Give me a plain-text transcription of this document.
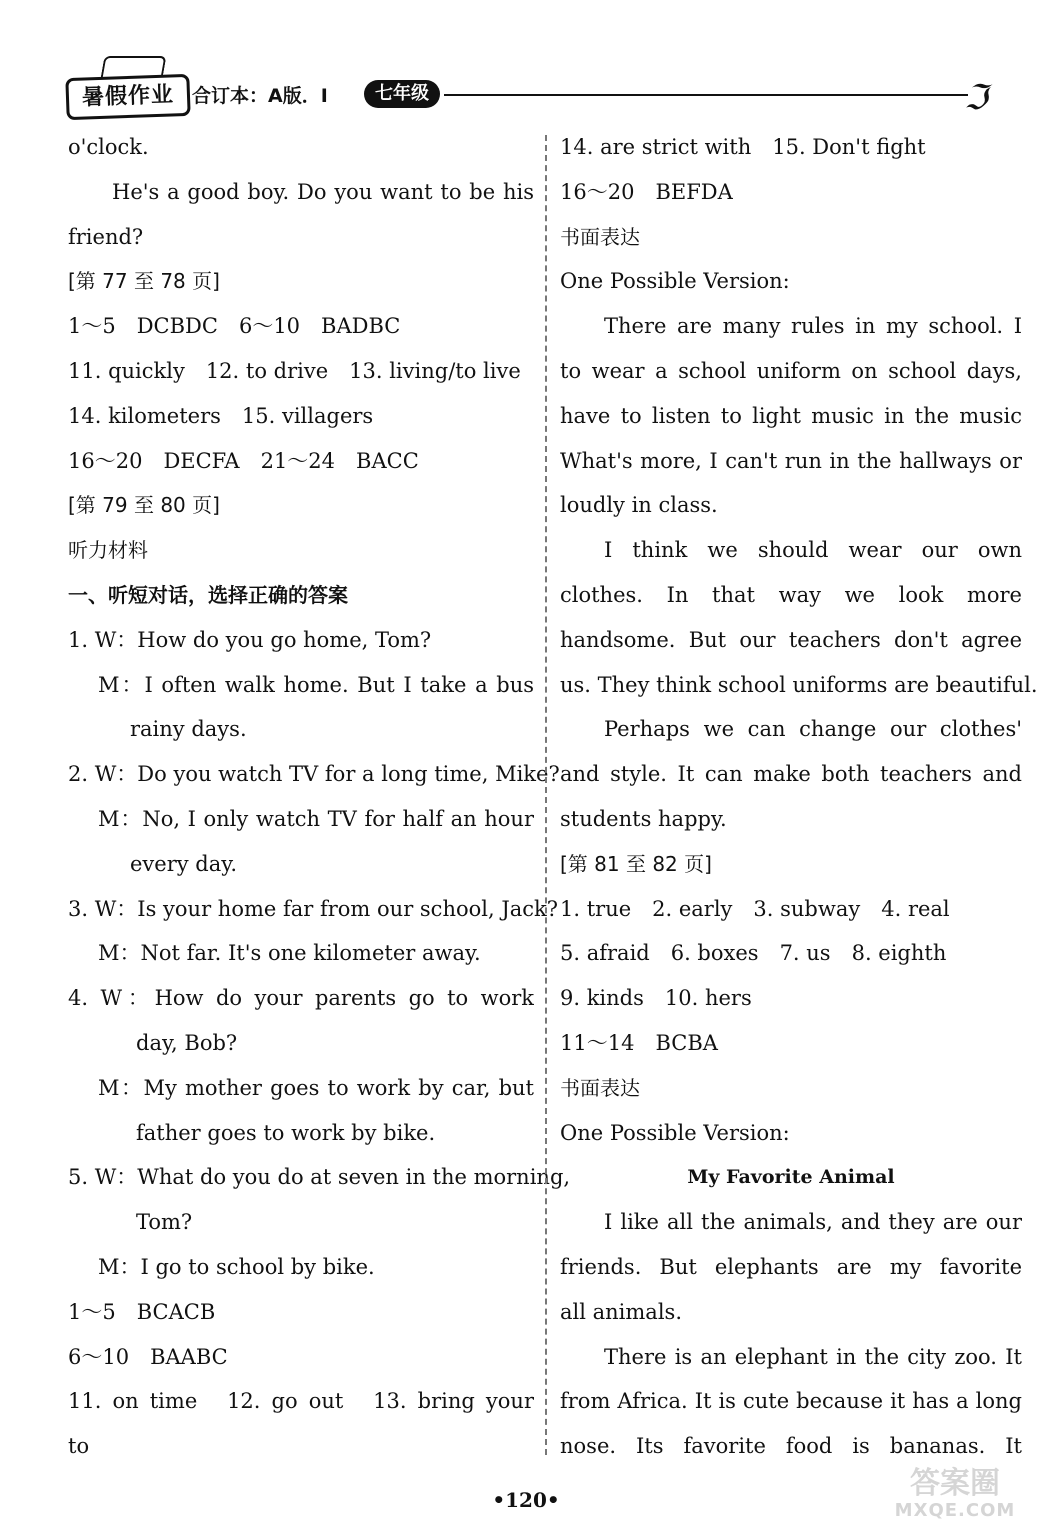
暑假作业 合订本：A版．I	七年级	ℑ
o'clock.
He's a good boy. Do you want to be his
friend?
[第 77 至 78 页]
1～5　DCBDC　6～10　BADBC
11. quickly　12. to drive　13. living/to live
14. kilometers　15. villagers
16～20　DECFA　21～24　BACC
[第 79 至 80 页]
听力材料
一、听短对话，选择正确的答案
1. W：How do you go home, Tom?
M：I often walk home. But I take a bus
rainy days.
2. W：Do you watch TV for a long time, Mike?
M：No, I only watch TV for half an hour
every day.
3. W：Is your home far from our school, Jack?
M：Not far. It's one kilometer away.
4. W：How do your parents go to work
day, Bob?
M：My mother goes to work by car, but
father goes to work by bike.
5. W：What do you do at seven in the morning,
Tom?
M：I go to school by bike.
1～5　BCACB
6～10　BAABC
11. on time　12. go out　13. bring your
to
14. are strict with　15. Don't fight
16～20　BEFDA
书面表达
One Possible Version:
There are many rules in my school. I
to wear a school uniform on school days,
have to listen to light music in the music
What's more, I can't run in the hallways or
loudly in class.
I think we should wear our own
clothes. In that way we look more
handsome. But our teachers don't agree
us. They think school uniforms are beautiful.
Perhaps we can change our clothes'
and style. It can make both teachers and
students happy.
[第 81 至 82 页]
1. true　2. early　3. subway　4. real
5. afraid　6. boxes　7. us　8. eighth
9. kinds　10. hers
11～14　BCBA
书面表达
One Possible Version:
My Favorite Animal
I like all the animals, and they are our
friends. But elephants are my favorite
all animals.
There is an elephant in the city zoo. It
from Africa. It is cute because it has a long
nose. Its favorite food is bananas. It
•120•	答案圈
MXQE.COM
